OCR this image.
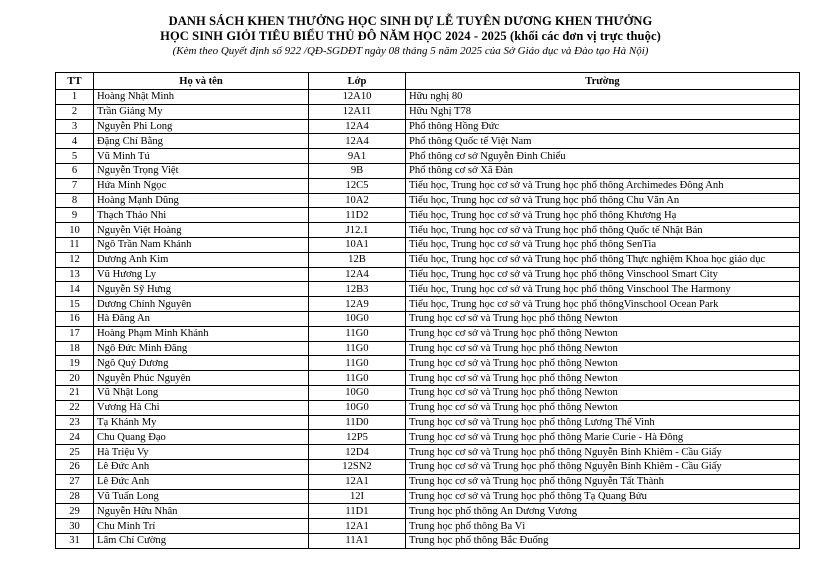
DANH SÁCH KHEN THƯỞNG HỌC SINH DỰ LỄ TUYÊN DƯƠNG KHEN THƯỞNG
HỌC SINH GIỎI TIÊU BIỂU THỦ ĐÔ NĂM HỌC 2024 - 2025 (khối các đơn vị trực thuộc)
(Kèm theo Quyết định số 922 /QĐ-SGDĐT ngày 08 tháng 5 năm 2025 của Sở Giáo dục và Đào tạo Hà Nội)
TT	Họ và tên	Lớp	Trường
1	Hoàng Nhật Minh	12A10	Hữu nghị 80
2	Trần Giáng My	12A11	Hữu Nghị T78
3	Nguyễn Phi Long	12A4	Phổ thông Hồng Đức
4	Đặng Chí Bằng	12A4	Phổ thông Quốc tế Việt Nam
5	Vũ Minh Tú	9A1	Phổ thông cơ sở Nguyễn Đình Chiểu
6	Nguyễn Trọng Việt	9B	Phổ thông cơ sở Xã Đàn
7	Hứa Minh Ngọc	12C5	Tiểu học, Trung học cơ sở và Trung học phổ thông Archimedes Đông Anh
8	Hoàng Mạnh Dũng	10A2	Tiểu học, Trung học cơ sở và Trung học phổ thông Chu Văn An
9	Thạch Thảo Nhi	11D2	Tiểu học, Trung học cơ sở và Trung học phổ thông Khương Hạ
10	Nguyễn Việt Hoàng	J12.1	Tiểu học, Trung học cơ sở và Trung học phổ thông Quốc tế Nhật Bản
11	Ngô Trần Nam Khánh	10A1	Tiểu học, Trung học cơ sở và Trung học phổ thông SenTia
12	Dương Anh Kim	12B	Tiểu học, Trung học cơ sở và Trung học phổ thông Thực nghiệm Khoa học giáo dục
13	Vũ Hương Ly	12A4	Tiểu học, Trung học cơ sở và Trung học phổ thông Vinschool Smart City
14	Nguyễn Sỹ Hưng	12B3	Tiểu học, Trung học cơ sở và Trung học phổ thông Vinschool The Harmony
15	Dương Chính Nguyên	12A9	Tiểu học, Trung học cơ sở và Trung học phổ thôngVinschool Ocean Park
16	Hà Đăng An	10G0	Trung học cơ sở và Trung học phổ thông Newton
17	Hoàng Phạm Minh Khánh	11G0	Trung học cơ sở và Trung học phổ thông Newton
18	Ngô Đức Minh Đăng	11G0	Trung học cơ sở và Trung học phổ thông Newton
19	Ngô Quý Dương	11G0	Trung học cơ sở và Trung học phổ thông Newton
20	Nguyễn Phúc Nguyên	11G0	Trung học cơ sở và Trung học phổ thông Newton
21	Vũ Nhật Long	10G0	Trung học cơ sở và Trung học phổ thông Newton
22	Vương Hà Chi	10G0	Trung học cơ sở và Trung học phổ thông Newton
23	Tạ Khánh My	11D0	Trung học cơ sở và Trung học phổ thông Lương Thế Vinh
24	Chu Quang Đạo	12P5	Trung học cơ sở và Trung học phổ thông Marie Curie - Hà Đông
25	Hà Triệu Vy	12D4	Trung học cơ sở và Trung học phổ thông Nguyễn Bỉnh Khiêm - Cầu Giấy
26	Lê Đức Anh	12SN2	Trung học cơ sở và Trung học phổ thông Nguyễn Bỉnh Khiêm - Cầu Giấy
27	Lê Đức Anh	12A1	Trung học cơ sở và Trung học phổ thông Nguyễn Tất Thành
28	Vũ Tuấn Long	12I	Trung học cơ sở và Trung học phổ thông Tạ Quang Bửu
29	Nguyễn Hữu Nhân	11D1	Trung học phổ thông An Dương Vương
30	Chu Minh Trí	12A1	Trung học phổ thông Ba Vì
31	Lâm Chí Cường	11A1	Trung học phổ thông Bắc Đuống
